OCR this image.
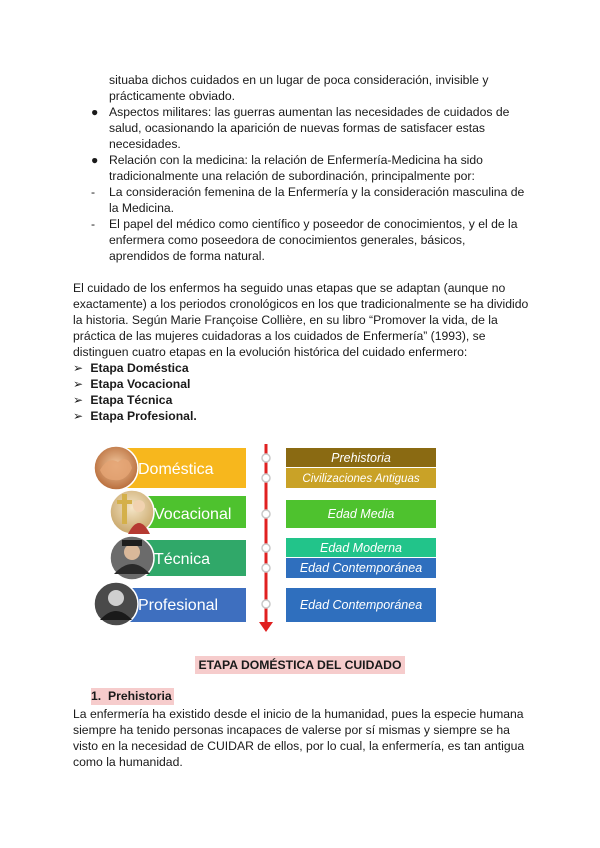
situaba dichos cuidados en un lugar de poca consideración, invisible y prácticamente obviado.
● Aspectos militares: las guerras aumentan las necesidades de cuidados de salud, ocasionando la aparición de nuevas formas de satisfacer estas necesidades.
● Relación con la medicina: la relación de Enfermería-Medicina ha sido tradicionalmente una relación de subordinación, principalmente por:
-	La consideración femenina de la Enfermería y la consideración masculina de la Medicina.
-	El papel del médico como científico y poseedor de conocimientos, y el de la enfermera como poseedora de conocimientos generales, básicos, aprendidos de forma natural.
El cuidado de los enfermos ha seguido unas etapas que se adaptan (aunque no exactamente) a los periodos cronológicos en los que tradicionalmente se ha dividido la historia. Según Marie Françoise Collière, en su libro “Promover la vida, de la práctica de las mujeres cuidadoras a los cuidados de Enfermería” (1993), se distinguen cuatro etapas en la evolución histórica del cuidado enfermero:
➢ Etapa Doméstica
➢ Etapa Vocacional
➢ Etapa Técnica
➢ Etapa Profesional.
Doméstica
Vocacional
Técnica
Profesional
Prehistoria
Civilizaciones Antiguas
Edad Media
Edad Moderna
Edad Contemporánea
Edad Contemporánea
ETAPA DOMÉSTICA DEL CUIDADO
1. Prehistoria
La enfermería ha existido desde el inicio de la humanidad, pues la especie humana siempre ha tenido personas incapaces de valerse por sí mismas y siempre se ha visto en la necesidad de CUIDAR de ellos, por lo cual, la enfermería, es tan antigua como la humanidad.
